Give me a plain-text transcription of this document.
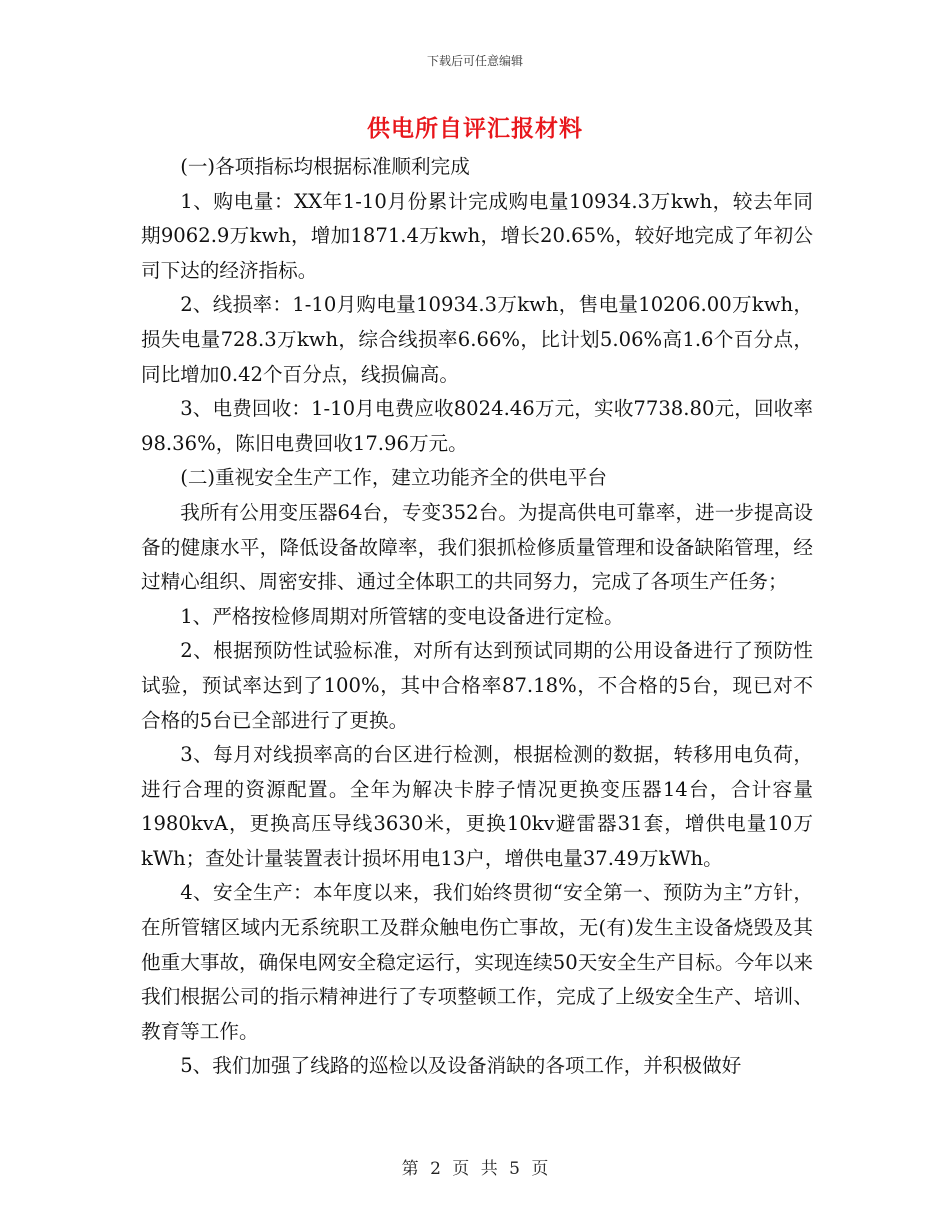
下载后可任意编辑
供电所自评汇报材料

(一)各项指标均根据标准顺利完成

1、购电量：XX年1-10月份累计完成购电量10934.3万kwh，较去年同期9062.9万kwh，增加1871.4万kwh，增长20.65%，较好地完成了年初公司下达的经济指标。

2、线损率：1-10月购电量10934.3万kwh，售电量10206.00万kwh，损失电量728.3万kwh，综合线损率6.66%，比计划5.06%高1.6个百分点，同比增加0.42个百分点，线损偏高。

3、电费回收：1-10月电费应收8024.46万元，实收7738.80元，回收率98.36%，陈旧电费回收17.96万元。

(二)重视安全生产工作，建立功能齐全的供电平台

我所有公用变压器64台，专变352台。为提高供电可靠率，进一步提高设备的健康水平，降低设备故障率，我们狠抓检修质量管理和设备缺陷管理，经过精心组织、周密安排、通过全体职工的共同努力，完成了各项生产任务；

1、严格按检修周期对所管辖的变电设备进行定检。

2、根据预防性试验标准，对所有达到预试同期的公用设备进行了预防性试验，预试率达到了100%，其中合格率87.18%，不合格的5台，现已对不合格的5台已全部进行了更换。

3、每月对线损率高的台区进行检测，根据检测的数据，转移用电负荷，进行合理的资源配置。全年为解决卡脖子情况更换变压器14台，合计容量1980kvA，更换高压导线3630米，更换10kv避雷器31套，增供电量10万kWh；查处计量装置表计损坏用电13户，增供电量37.49万kWh。

4、安全生产：本年度以来，我们始终贯彻“安全第一、预防为主”方针，在所管辖区域内无系统职工及群众触电伤亡事故，无(有)发生主设备烧毁及其他重大事故，确保电网安全稳定运行，实现连续50天安全生产目标。今年以来我们根据公司的指示精神进行了专项整顿工作，完成了上级安全生产、培训、教育等工作。

5、我们加强了线路的巡检以及设备消缺的各项工作，并积极做好

第 2 页 共 5 页
